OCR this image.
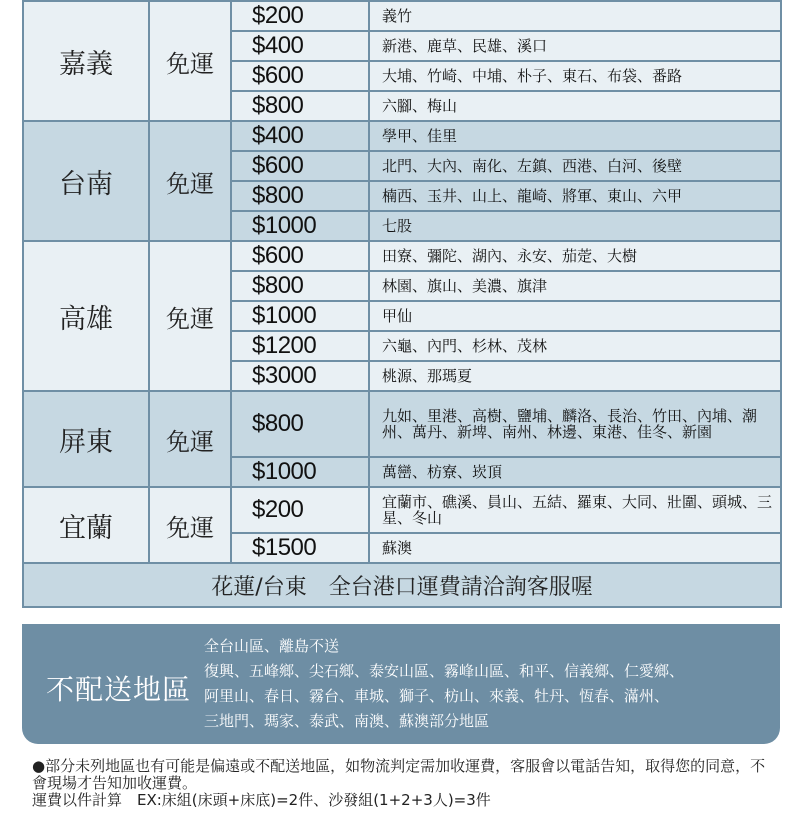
嘉義	免運	$200	義竹
		$400	新港、鹿草、民雄、溪口
		$600	大埔、竹崎、中埔、朴子、東石、布袋、番路
		$800	六腳、梅山
台南	免運	$400	學甲、佳里
		$600	北門、大內、南化、左鎮、西港、白河、後壁
		$800	楠西、玉井、山上、龍崎、將軍、東山、六甲
		$1000	七股
高雄	免運	$600	田寮、彌陀、湖內、永安、茄萣、大樹
		$800	林園、旗山、美濃、旗津
		$1000	甲仙
		$1200	六龜、內門、杉林、茂林
		$3000	桃源、那瑪夏
屏東	免運	$800	九如、里港、高樹、鹽埔、麟洛、長治、竹田、內埔、潮州、萬丹、新埤、南州、林邊、東港、佳冬、新園
		$1000	萬巒、枋寮、崁頂
宜蘭	免運	$200	宜蘭市、礁溪、員山、五結、羅東、大同、壯圍、頭城、三星、冬山
		$1500	蘇澳
花蓮/台東　全台港口運費請洽詢客服喔			
不配送地區
全台山區、離島不送
復興、五峰鄉、尖石鄉、泰安山區、霧峰山區、和平、信義鄉、仁愛鄉、
阿里山、春日、霧台、車城、獅子、枋山、來義、牡丹、恆春、滿州、
三地門、瑪家、泰武、南澳、蘇澳部分地區
●部分未列地區也有可能是偏遠或不配送地區，如物流判定需加收運費，客服會以電話告知，取得您的同意，不會現場才告知加收運費。
運費以件計算　EX:床組(床頭+床底)=2件、沙發組(1+2+3人)=3件
